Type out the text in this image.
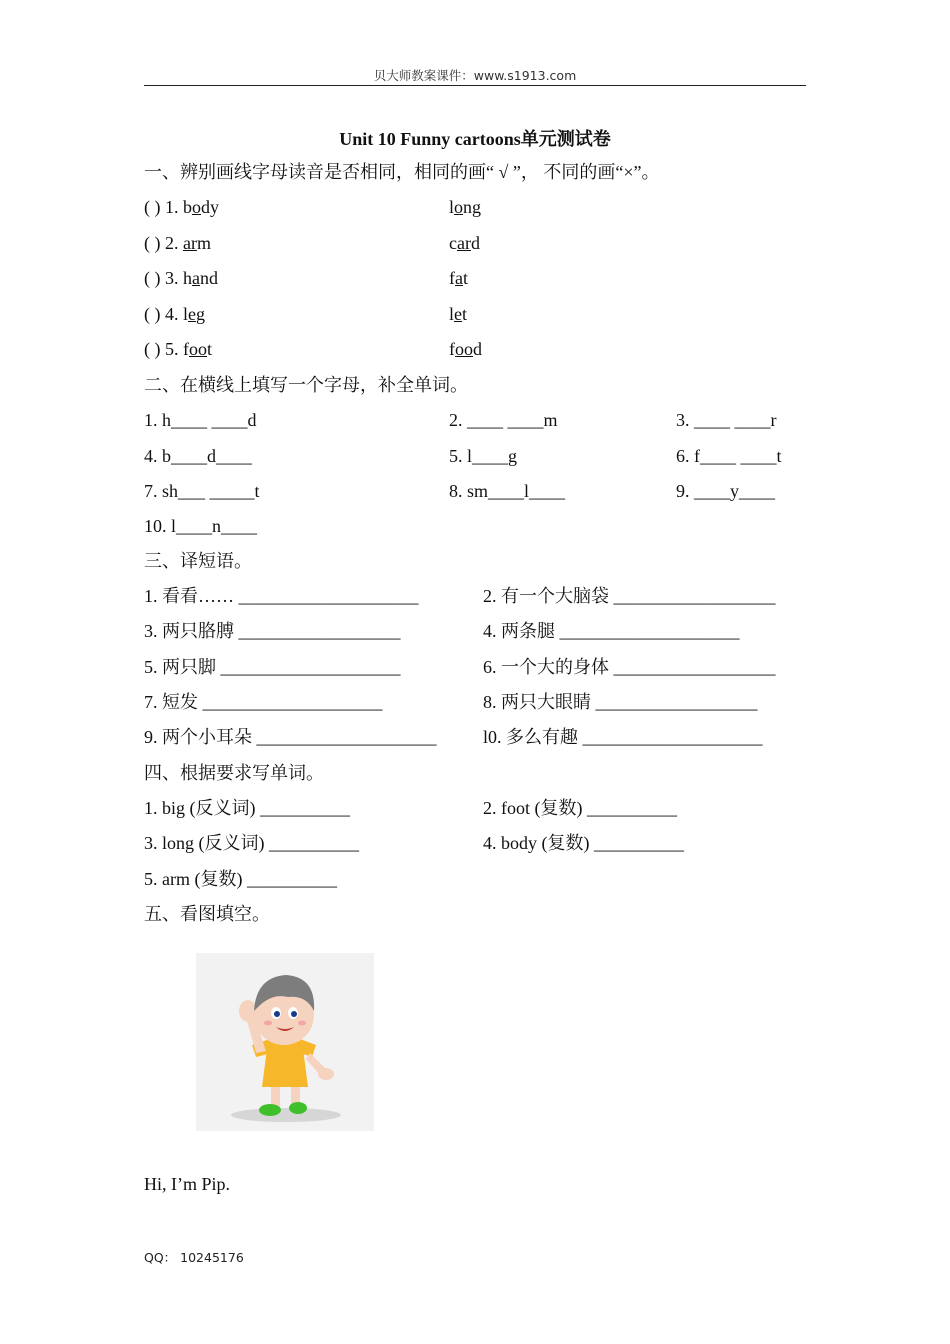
贝大师教案课件：www.s1913.com
Unit 10 Funny cartoons单元测试卷
一、辨别画线字母读音是否相同，相同的画“ √ ”， 不同的画“×”。
( ) 1. body	long
( ) 2. arm	card
( ) 3. hand	fat
( ) 4. leg	let
( ) 5. foot	food
二、在横线上填写一个字母，补全单词。
1. h____ ____d	2. ____ ____m	3. ____ ____r
4. b____d____	5. l____g	6. f____ ____t
7. sh___ _____t	8. sm____l____	9. ____y____
10. l____n____
三、译短语。
1. 看看…… ____________________	2. 有一个大脑袋 __________________
3. 两只胳膊 __________________	4. 两条腿 ____________________
5. 两只脚 ____________________	6. 一个大的身体 __________________
7. 短发 ____________________	8. 两只大眼睛 __________________
9. 两个小耳朵 ____________________	l0. 多么有趣 ____________________
四、根据要求写单词。
1. big (反义词) __________	2. foot (复数) __________
3. long (反义词) __________	4. body (复数) __________
5. arm (复数) __________
五、看图填空。
Hi, I’m Pip.
QQ： 10245176
